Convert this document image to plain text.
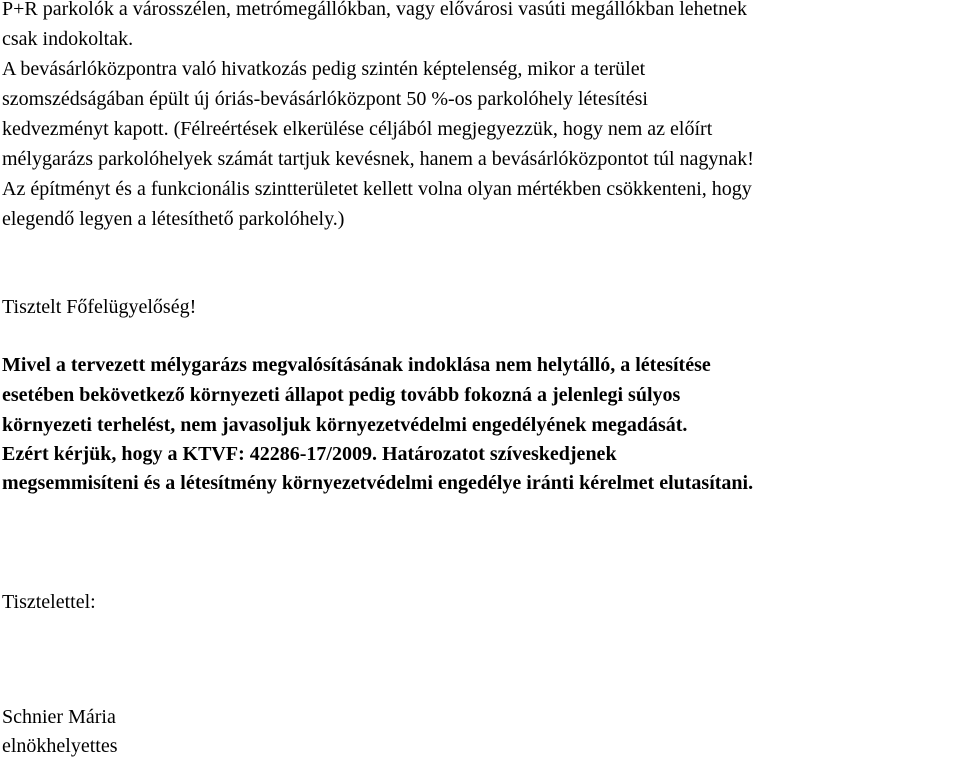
P+R parkolók a városszélen, metrómegállókban, vagy elővárosi vasúti megállókban lehetnek
csak indokoltak.
A bevásárlóközpontra való hivatkozás pedig szintén képtelenség, mikor a terület
szomszédságában épült új óriás-bevásárlóközpont 50 %-os parkolóhely létesítési
kedvezményt kapott. (Félreértések elkerülése céljából megjegyezzük, hogy nem az előírt
mélygarázs parkolóhelyek számát tartjuk kevésnek, hanem a bevásárlóközpontot túl nagynak!
Az építményt és a funkcionális szintterületet kellett volna olyan mértékben csökkenteni, hogy
elegendő legyen a létesíthető parkolóhely.)
Tisztelt Főfelügyelőség!
Mivel a tervezett mélygarázs megvalósításának indoklása nem helytálló, a létesítése
esetében bekövetkező környezeti állapot pedig tovább fokozná a jelenlegi súlyos
környezeti terhelést, nem javasoljuk környezetvédelmi engedélyének megadását.
Ezért kérjük, hogy a KTVF: 42286-17/2009. Határozatot szíveskedjenek
megsemmisíteni és a létesítmény környezetvédelmi engedélye iránti kérelmet elutasítani.
Tisztelettel:
Schnier Mária
elnökhelyettes
